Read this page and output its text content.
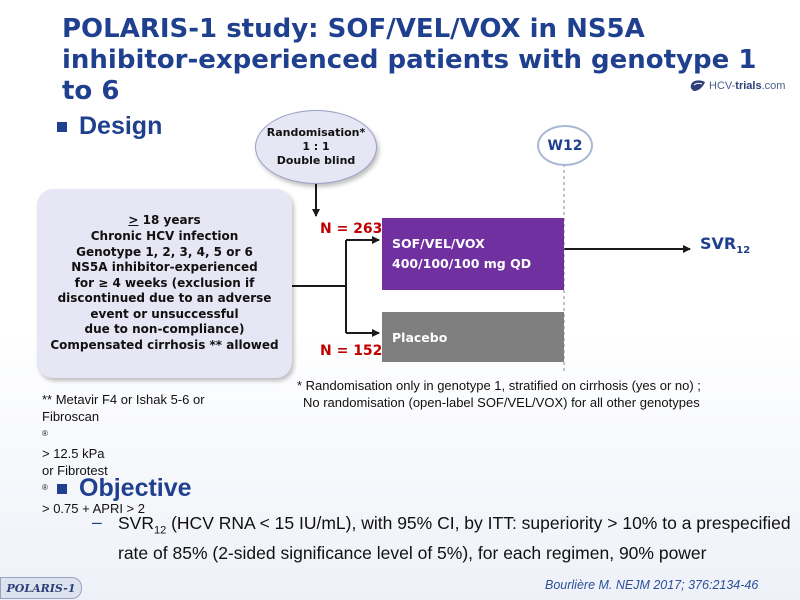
POLARIS-1 study: SOF/VEL/VOX in NS5A
inhibitor-experienced patients with genotype 1 to 6	HCV-trials.com
Design	Randomisation*
1 : 1
Double blind
W12
> 18 years
Chronic HCV infection
Genotype 1, 2, 3, 4, 5 or 6
NS5A inhibitor-experienced
for ≥ 4 weeks (exclusion if
discontinued due to an adverse
event or unsuccessful
due to non-compliance)
Compensated cirrhosis ** allowed
N = 263
N = 152
SOF/VEL/VOX
400/100/100 mg QD
Placebo
$SVR_{12}$
* Randomisation only in genotype 1, stratified on cirrhosis (yes or no) ;
No randomisation (open-label SOF/VEL/VOX) for all other genotypes
** Metavir F4 or Ishak 5-6 or
Fibroscan
®
> 12.5 kPa
or Fibrotest
®
> 0.75 + APRI > 2
Objective
– $SVR_{12}$ (HCV RNA < 15 IU/mL), with 95% CI, by ITT: superiority > 10% to a prespecified rate of 85% (2-sided significance level of 5%), for each regimen, 90% power
POLARIS-1	Bourlière M. NEJM 2017; 376:2134-46
